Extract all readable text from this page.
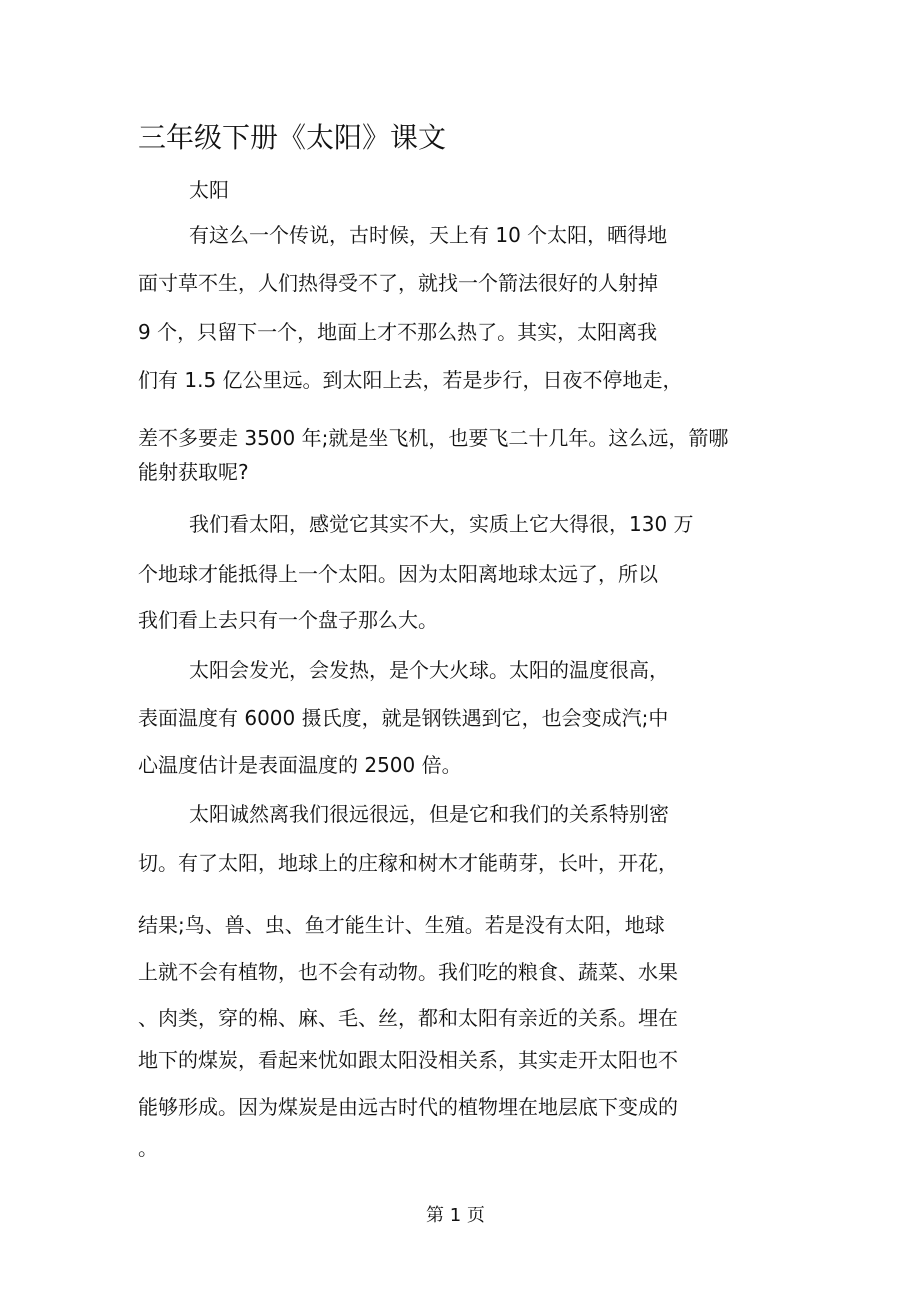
三年级下册《太阳》课文
太阳
有这么一个传说，古时候，天上有 10 个太阳，晒得地
面寸草不生，人们热得受不了，就找一个箭法很好的人射掉
9 个，只留下一个，地面上才不那么热了。其实，太阳离我
们有 1.5 亿公里远。到太阳上去，若是步行，日夜不停地走，
差不多要走 3500 年;就是坐飞机，也要飞二十几年。这么远，箭哪
能射获取呢?
我们看太阳，感觉它其实不大，实质上它大得很，130 万
个地球才能抵得上一个太阳。因为太阳离地球太远了，所以
我们看上去只有一个盘子那么大。
太阳会发光，会发热，是个大火球。太阳的温度很高，
表面温度有 6000 摄氏度，就是钢铁遇到它，也会变成汽;中
心温度估计是表面温度的 2500 倍。
太阳诚然离我们很远很远，但是它和我们的关系特别密
切。有了太阳，地球上的庄稼和树木才能萌芽，长叶，开花，
结果;鸟、兽、虫、鱼才能生计、生殖。若是没有太阳，地球
上就不会有植物，也不会有动物。我们吃的粮食、蔬菜、水果
、肉类，穿的棉、麻、毛、丝，都和太阳有亲近的关系。埋在
地下的煤炭，看起来忧如跟太阳没相关系，其实走开太阳也不
能够形成。因为煤炭是由远古时代的植物埋在地层底下变成的
。
第 1 页
